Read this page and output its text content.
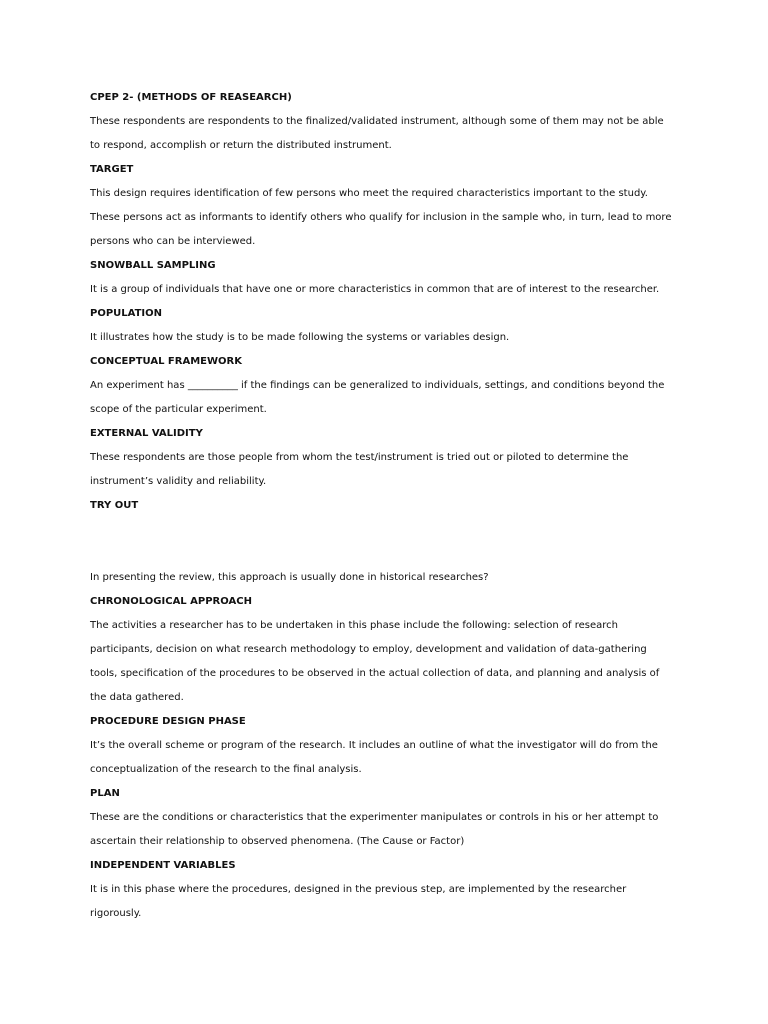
CPEP 2- (METHODS OF REASEARCH)
These respondents are respondents to the finalized/validated instrument, although some of them may not be able
to respond, accomplish or return the distributed instrument.
TARGET
This design requires identification of few persons who meet the required characteristics important to the study.
These persons act as informants to identify others who qualify for inclusion in the sample who, in turn, lead to more
persons who can be interviewed.
SNOWBALL SAMPLING
It is a group of individuals that have one or more characteristics in common that are of interest to the researcher.
POPULATION
It illustrates how the study is to be made following the systems or variables design.
CONCEPTUAL FRAMEWORK
An experiment has __________ if the findings can be generalized to individuals, settings, and conditions beyond the
scope of the particular experiment.
EXTERNAL VALIDITY
These respondents are those people from whom the test/instrument is tried out or piloted to determine the
instrument’s validity and reliability.
TRY OUT
In presenting the review, this approach is usually done in historical researches?
CHRONOLOGICAL APPROACH
The activities a researcher has to be undertaken in this phase include the following: selection of research
participants, decision on what research methodology to employ, development and validation of data-gathering
tools, specification of the procedures to be observed in the actual collection of data, and planning and analysis of
the data gathered.
PROCEDURE DESIGN PHASE
It’s the overall scheme or program of the research. It includes an outline of what the investigator will do from the
conceptualization of the research to the final analysis.
PLAN
These are the conditions or characteristics that the experimenter manipulates or controls in his or her attempt to
ascertain their relationship to observed phenomena. (The Cause or Factor)
INDEPENDENT VARIABLES
It is in this phase where the procedures, designed in the previous step, are implemented by the researcher
rigorously.
